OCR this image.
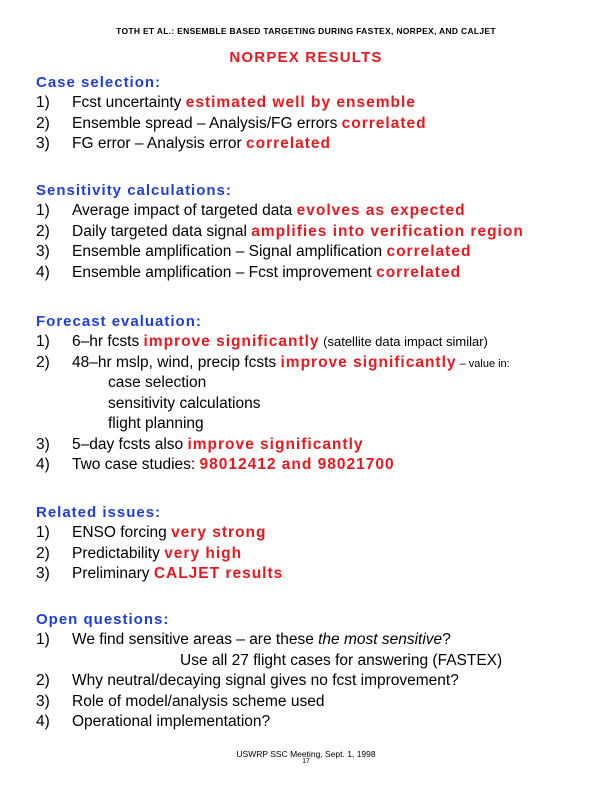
TOTH ET AL.: ENSEMBLE BASED TARGETING DURING FASTEX, NORPEX, AND CALJET
NORPEX RESULTS
Case selection:
1) Fcst uncertainty estimated well by ensemble
2) Ensemble spread – Analysis/FG errors correlated
3) FG error – Analysis error correlated
Sensitivity calculations:
1) Average impact of targeted data evolves as expected
2) Daily targeted data signal amplifies into verification region
3) Ensemble amplification – Signal amplification correlated
4) Ensemble amplification – Fcst improvement correlated
Forecast evaluation:
1) 6–hr fcsts improve significantly (satellite data impact similar)
2) 48–hr mslp, wind, precip fcsts improve significantly – value in:
case selection
sensitivity calculations
flight planning
3) 5–day fcsts also improve significantly
4) Two case studies: 98012412 and 98021700
Related issues:
1) ENSO forcing very strong
2) Predictability very high
3) Preliminary CALJET results
Open questions:
1) We find sensitive areas – are these the most sensitive?
Use all 27 flight cases for answering (FASTEX)
2) Why neutral/decaying signal gives no fcst improvement?
3) Role of model/analysis scheme used
4) Operational implementation?
USWRP SSC Meeting, Sept. 1, 1998
17
